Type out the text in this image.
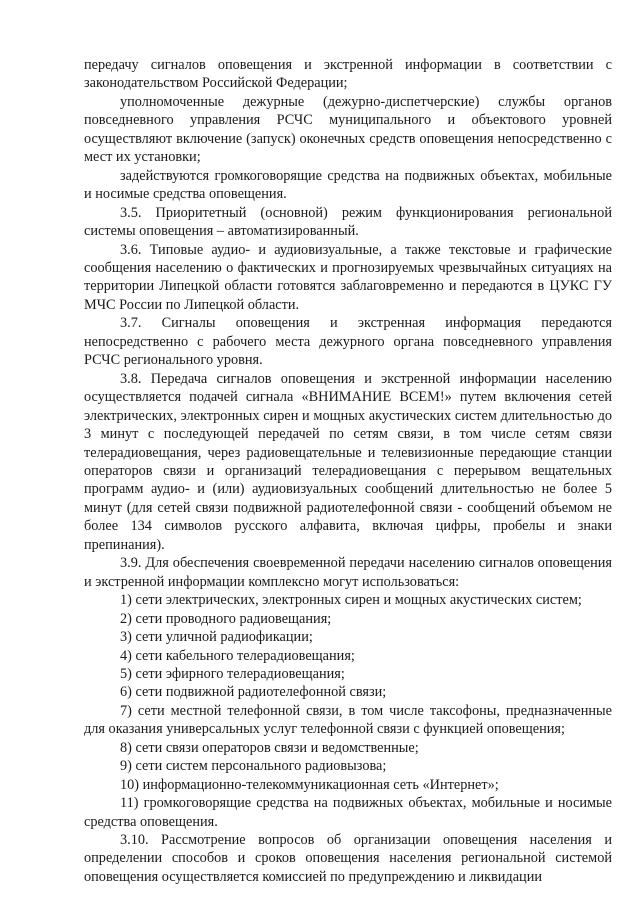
передачу сигналов оповещения и экстренной информации в соответствии с законодательством Российской Федерации;

уполномоченные дежурные (дежурно-диспетчерские) службы органов повседневного управления РСЧС муниципального и объектового уровней осуществляют включение (запуск) оконечных средств оповещения непосредственно с мест их установки;

задействуются громкоговорящие средства на подвижных объектах, мобильные и носимые средства оповещения.

3.5. Приоритетный (основной) режим функционирования региональной системы оповещения – автоматизированный.

3.6. Типовые аудио- и аудиовизуальные, а также текстовые и графические сообщения населению о фактических и прогнозируемых чрезвычайных ситуациях на территории Липецкой области готовятся заблаговременно и передаются в ЦУКС ГУ МЧС России по Липецкой области.

3.7. Сигналы оповещения и экстренная информация передаются непосредственно с рабочего места дежурного органа повседневного управления РСЧС регионального уровня.

3.8. Передача сигналов оповещения и экстренной информации населению осуществляется подачей сигнала «ВНИМАНИЕ ВСЕМ!» путем включения сетей электрических, электронных сирен и мощных акустических систем длительностью до 3 минут с последующей передачей по сетям связи, в том числе сетям связи телерадиовещания, через радиовещательные и телевизионные передающие станции операторов связи и организаций телерадиовещания с перерывом вещательных программ аудио- и (или) аудиовизуальных сообщений длительностью не более 5 минут (для сетей связи подвижной радиотелефонной связи - сообщений объемом не более 134 символов русского алфавита, включая цифры, пробелы и знаки препинания).

3.9. Для обеспечения своевременной передачи населению сигналов оповещения и экстренной информации комплексно могут использоваться:

1) сети электрических, электронных сирен и мощных акустических систем;

2) сети проводного радиовещания;

3) сети уличной радиофикации;

4) сети кабельного телерадиовещания;

5) сети эфирного телерадиовещания;

6) сети подвижной радиотелефонной связи;

7) сети местной телефонной связи, в том числе таксофоны, предназначенные для оказания универсальных услуг телефонной связи с функцией оповещения;

8) сети связи операторов связи и ведомственные;

9) сети систем персонального радиовызова;

10) информационно-телекоммуникационная сеть «Интернет»;

11) громкоговорящие средства на подвижных объектах, мобильные и носимые средства оповещения.

3.10. Рассмотрение вопросов об организации оповещения населения и определении способов и сроков оповещения населения региональной системой оповещения осуществляется комиссией по предупреждению и ликвидации
